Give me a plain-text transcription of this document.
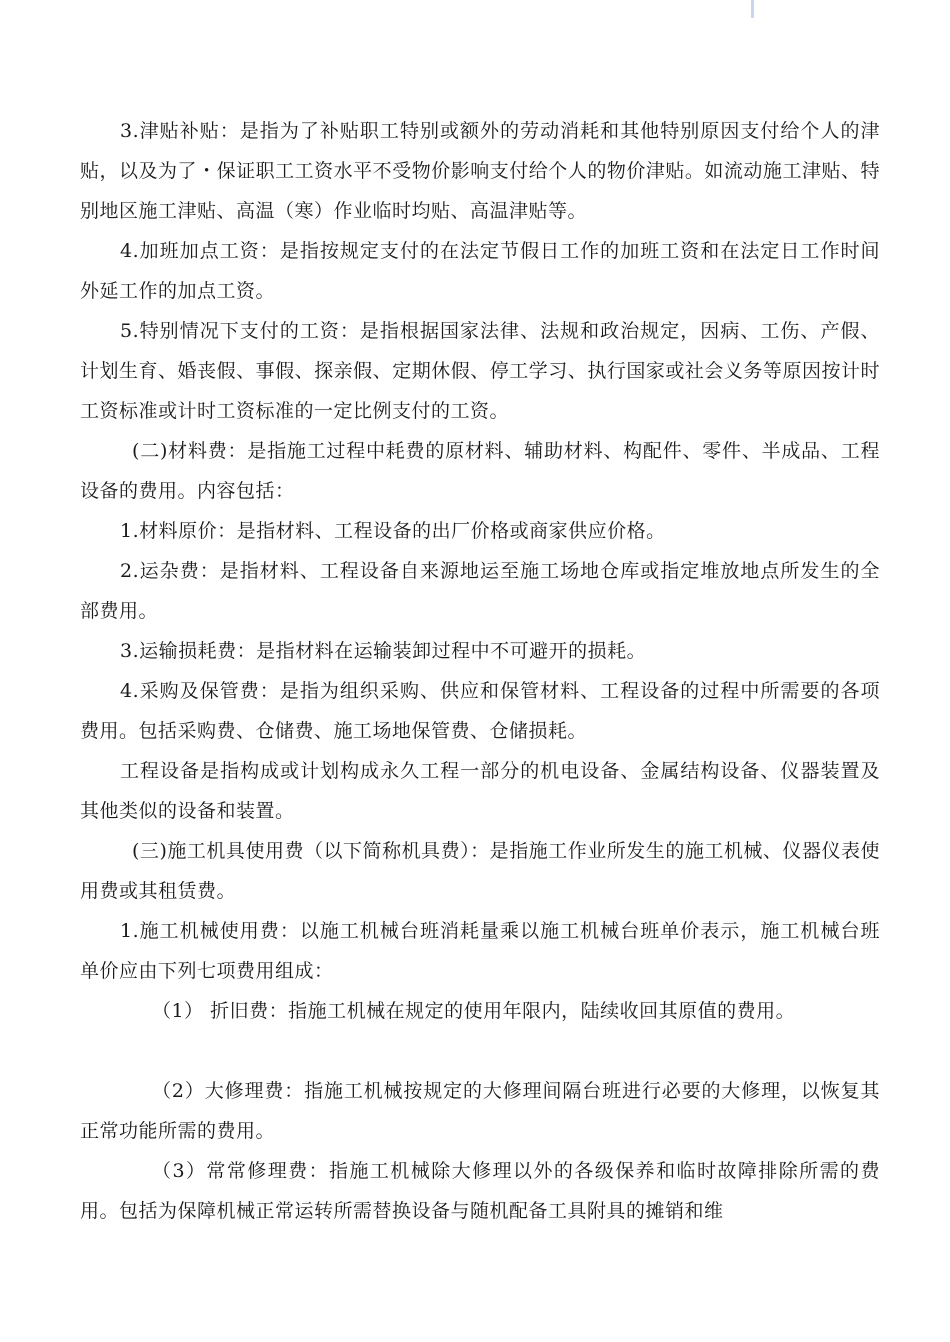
3.津贴补贴：是指为了补贴职工特别或额外的劳动消耗和其他特别原因支付给个人的津贴，以及为了・保证职工工资水平不受物价影响支付给个人的物价津贴。如流动施工津贴、特别地区施工津贴、高温（寒）作业临时均贴、高温津贴等。

4.加班加点工资：是指按规定支付的在法定节假日工作的加班工资和在法定日工作时间外延工作的加点工资。

5.特别情况下支付的工资：是指根据国家法律、法规和政治规定，因病、工伤、产假、计划生育、婚丧假、事假、探亲假、定期休假、停工学习、执行国家或社会义务等原因按计时工资标准或计时工资标准的一定比例支付的工资。

(二)材料费：是指施工过程中耗费的原材料、辅助材料、构配件、零件、半成品、工程设备的费用。内容包括：

1.材料原价：是指材料、工程设备的出厂价格或商家供应价格。

2.运杂费：是指材料、工程设备自来源地运至施工场地仓库或指定堆放地点所发生的全部费用。

3.运输损耗费：是指材料在运输装卸过程中不可避开的损耗。

4.采购及保管费：是指为组织采购、供应和保管材料、工程设备的过程中所需要的各项费用。包括采购费、仓储费、施工场地保管费、仓储损耗。

工程设备是指构成或计划构成永久工程一部分的机电设备、金属结构设备、仪器装置及其他类似的设备和装置。

(三)施工机具使用费（以下简称机具费）：是指施工作业所发生的施工机械、仪器仪表使用费或其租赁费。

1.施工机械使用费：以施工机械台班消耗量乘以施工机械台班单价表示，施工机械台班单价应由下列七项费用组成：

（1） 折旧费：指施工机械在规定的使用年限内，陆续收回其原值的费用。

（2）大修理费：指施工机械按规定的大修理间隔台班进行必要的大修理，以恢复其正常功能所需的费用。

（3）常常修理费：指施工机械除大修理以外的各级保养和临时故障排除所需的费用。包括为保障机械正常运转所需替换设备与随机配备工具附具的摊销和维
